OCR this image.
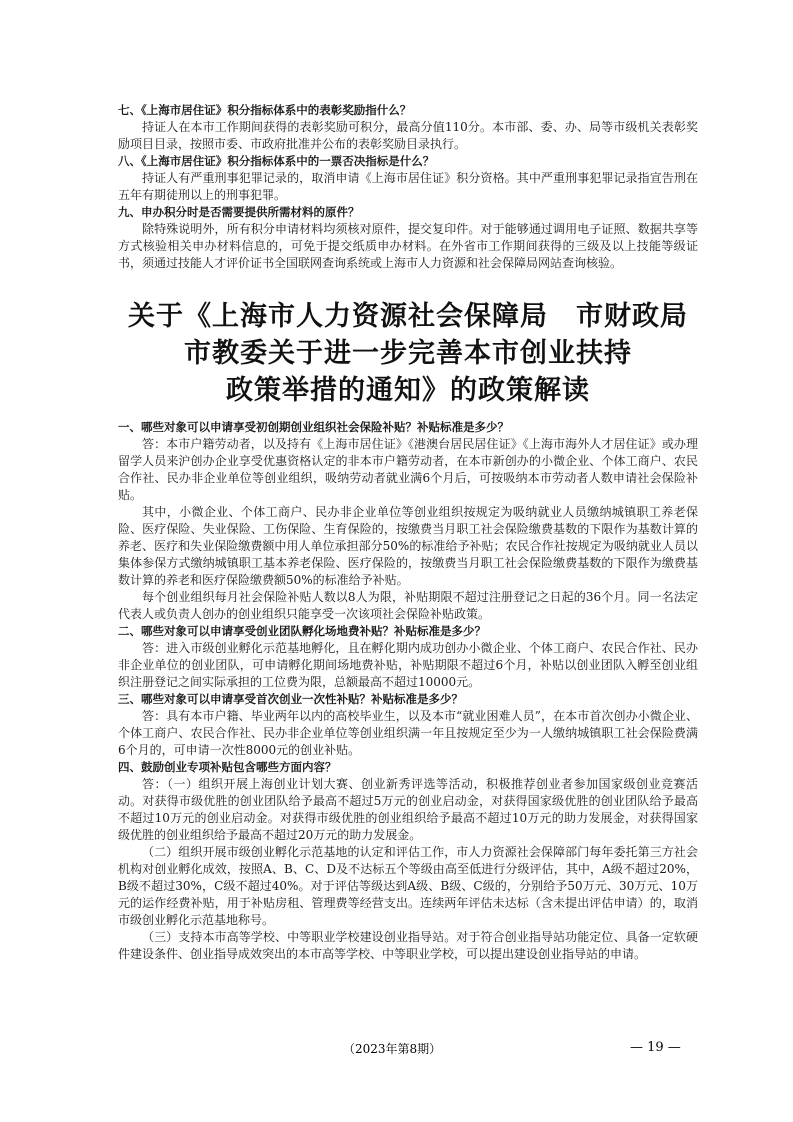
七、《上海市居住证》积分指标体系中的表彰奖励指什么？
持证人在本市工作期间获得的表彰奖励可积分，最高分值110分。本市部、委、办、局等市级机关表彰奖励项目目录，按照市委、市政府批准并公布的表彰奖励目录执行。
八、《上海市居住证》积分指标体系中的一票否决指标是什么？
持证人有严重刑事犯罪记录的，取消申请《上海市居住证》积分资格。其中严重刑事犯罪记录指宣告刑在五年有期徒刑以上的刑事犯罪。
九、申办积分时是否需要提供所需材料的原件？
除特殊说明外，所有积分申请材料均须核对原件，提交复印件。对于能够通过调用电子证照、数据共享等方式核验相关申办材料信息的，可免于提交纸质申办材料。在外省市工作期间获得的三级及以上技能等级证书，须通过技能人才评价证书全国联网查询系统或上海市人力资源和社会保障局网站查询核验。
关于《上海市人力资源社会保障局　市财政局
市教委关于进一步完善本市创业扶持
政策举措的通知》的政策解读
一、哪些对象可以申请享受初创期创业组织社会保险补贴？补贴标准是多少？
答：本市户籍劳动者，以及持有《上海市居住证》《港澳台居民居住证》《上海市海外人才居住证》或办理留学人员来沪创办企业享受优惠资格认定的非本市户籍劳动者，在本市新创办的小微企业、个体工商户、农民合作社、民办非企业单位等创业组织，吸纳劳动者就业满6个月后，可按吸纳本市劳动者人数申请社会保险补贴。
其中，小微企业、个体工商户、民办非企业单位等创业组织按规定为吸纳就业人员缴纳城镇职工养老保险、医疗保险、失业保险、工伤保险、生育保险的，按缴费当月职工社会保险缴费基数的下限作为基数计算的养老、医疗和失业保险缴费额中用人单位承担部分50%的标准给予补贴；农民合作社按规定为吸纳就业人员以集体参保方式缴纳城镇职工基本养老保险、医疗保险的，按缴费当月职工社会保险缴费基数的下限作为缴费基数计算的养老和医疗保险缴费额50%的标准给予补贴。
每个创业组织每月社会保险补贴人数以8人为限，补贴期限不超过注册登记之日起的36个月。同一名法定代表人或负责人创办的创业组织只能享受一次该项社会保险补贴政策。
二、哪些对象可以申请享受创业团队孵化场地费补贴？补贴标准是多少？
答：进入市级创业孵化示范基地孵化，且在孵化期内成功创办小微企业、个体工商户、农民合作社、民办非企业单位的创业团队，可申请孵化期间场地费补贴，补贴期限不超过6个月，补贴以创业团队入孵至创业组织注册登记之间实际承担的工位费为限，总额最高不超过10000元。
三、哪些对象可以申请享受首次创业一次性补贴？补贴标准是多少？
答：具有本市户籍、毕业两年以内的高校毕业生，以及本市“就业困难人员”，在本市首次创办小微企业、个体工商户、农民合作社、民办非企业单位等创业组织满一年且按规定至少为一人缴纳城镇职工社会保险费满6个月的，可申请一次性8000元的创业补贴。
四、鼓励创业专项补贴包含哪些方面内容？
答：（一）组织开展上海创业计划大赛、创业新秀评选等活动，积极推荐创业者参加国家级创业竞赛活动。对获得市级优胜的创业团队给予最高不超过5万元的创业启动金，对获得国家级优胜的创业团队给予最高不超过10万元的创业启动金。对获得市级优胜的创业组织给予最高不超过10万元的助力发展金，对获得国家级优胜的创业组织给予最高不超过20万元的助力发展金。
（二）组织开展市级创业孵化示范基地的认定和评估工作，市人力资源社会保障部门每年委托第三方社会机构对创业孵化成效，按照A、B、C、D及不达标五个等级由高至低进行分级评估，其中，A级不超过20%，B级不超过30%，C级不超过40%。对于评估等级达到A级、B级、C级的，分别给予50万元、30万元、10万元的运作经费补贴，用于补贴房租、管理费等经营支出。连续两年评估未达标（含未提出评估申请）的，取消市级创业孵化示范基地称号。
（三）支持本市高等学校、中等职业学校建设创业指导站。对于符合创业指导站功能定位、具备一定软硬件建设条件、创业指导成效突出的本市高等学校、中等职业学校，可以提出建设创业指导站的申请。
（2023年第8期）	— 19 —
